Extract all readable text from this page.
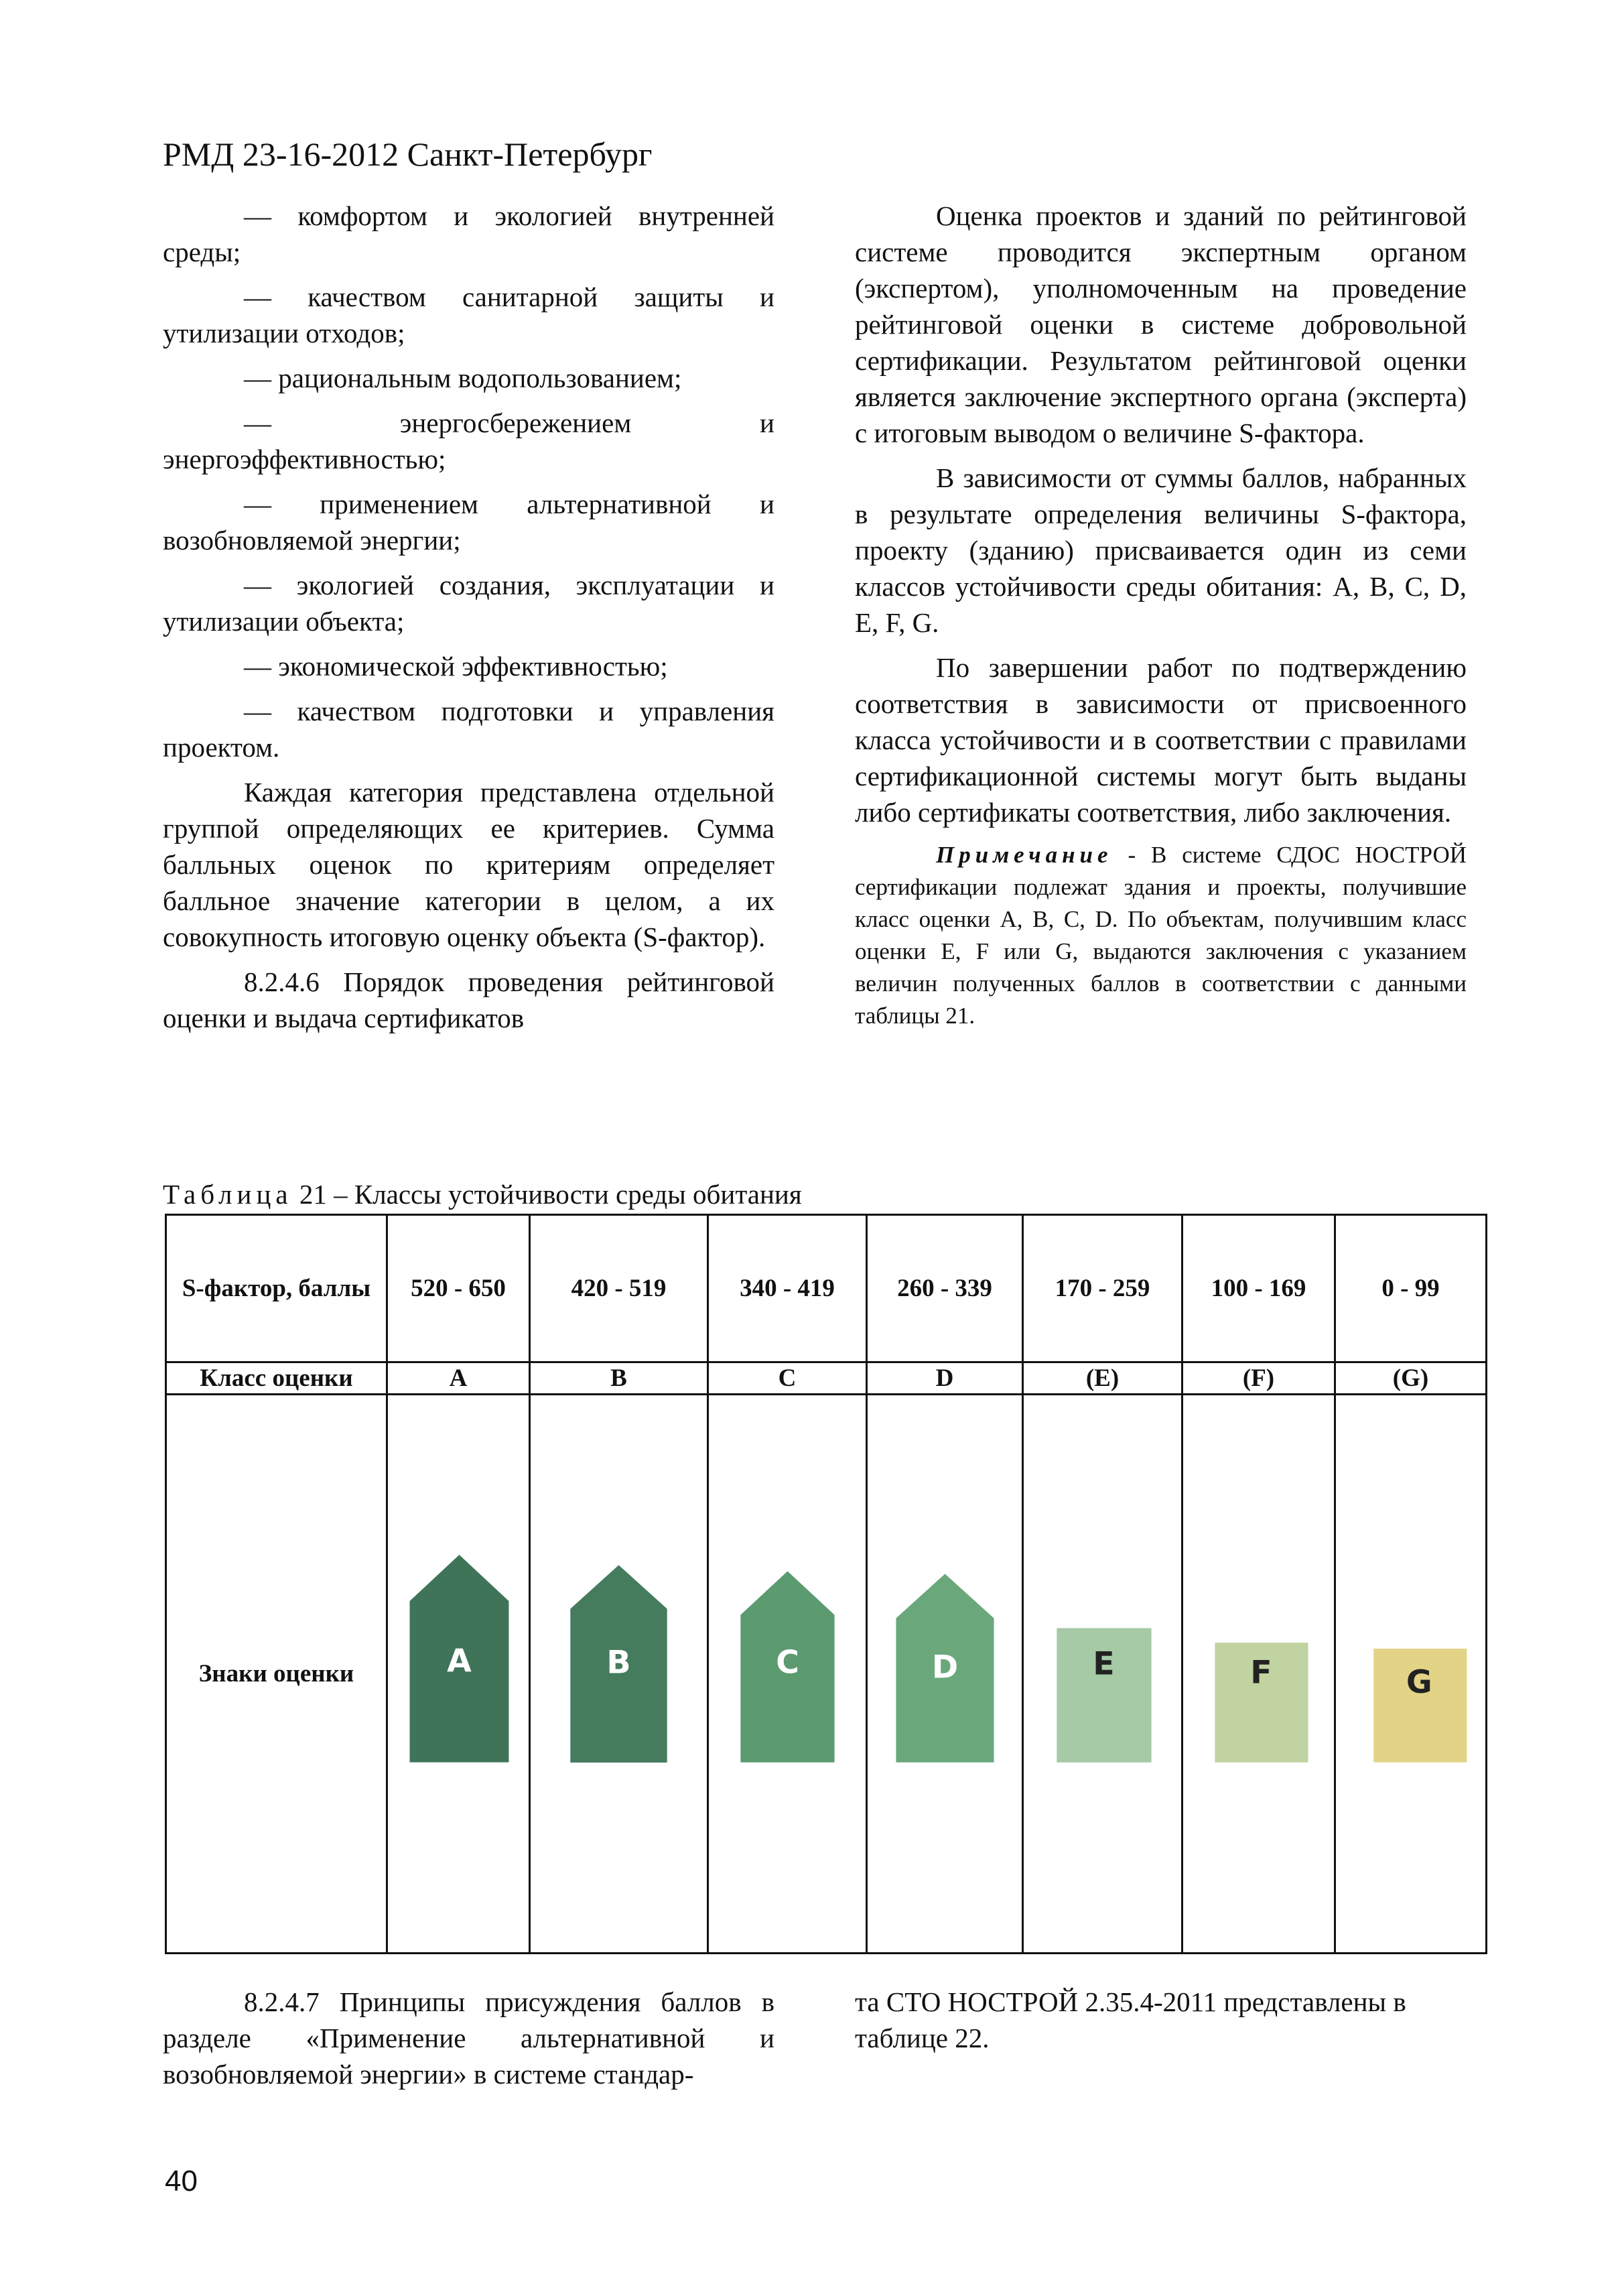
РМД 23-16-2012 Санкт-Петербург

— комфортом и экологией внутренней среды;

— качеством санитарной защиты и утилизации отходов;

— рациональным водопользованием;

— энергосбережением и энергоэффективностью;

— применением альтернативной и возобновляемой энергии;

— экологией создания, эксплуатации и утилизации объекта;

— экономической эффективностью;

— качеством подготовки и управления проектом.

Каждая категория представлена отдельной группой определяющих ее критериев. Сумма балльных оценок по критериям определяет балльное значение категории в целом, а их совокупность итоговую оценку объекта (S-фактор).

8.2.4.6 Порядок проведения рейтинговой оценки и выдача сертификатов

Оценка проектов и зданий по рейтинговой системе проводится экспертным органом (экспертом), уполномоченным на проведение рейтинговой оценки в системе добровольной сертификации. Результатом рейтинговой оценки является заключение экспертного органа (эксперта) с итоговым выводом о величине S-фактора.

В зависимости от суммы баллов, набранных в результате определения величины S-фактора, проекту (зданию) присваивается один из семи классов устойчивости среды обитания: A, B, C, D, E, F, G.

По завершении работ по подтверждению соответствия в зависимости от присвоенного класса устойчивости и в соответствии с правилами сертификационной системы могут быть выданы либо сертификаты соответствия, либо заключения.

Примечание - В системе СДОС НОСТРОЙ сертификации подлежат здания и проекты, получившие класс оценки A, B, C, D. По объектам, получившим класс оценки E, F или G, выдаются заключения с указанием величин полученных баллов в соответствии с данными таблицы 21.

Таблица 21 – Классы устойчивости среды обитания
S-фактор, баллы	520 - 650	420 - 519	340 - 419	260 - 339	170 - 259	100 - 169	0 - 99
Класс оценки	A	B	C	D	(E)	(F)	(G)
Знаки оценки	A	B	C	D	E	F	G

8.2.4.7 Принципы присуждения баллов в разделе «Применение альтернативной и возобновляемой энергии» в системе стандар-

та СТО НОСТРОЙ 2.35.4-2011 представлены в таблице 22.

40
